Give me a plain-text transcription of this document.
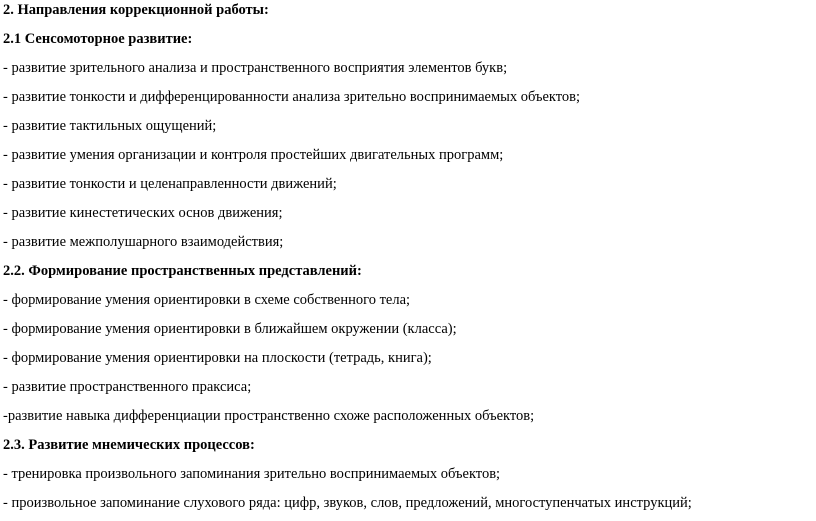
2. Направления коррекционной работы:
2.1 Сенсомоторное развитие:
- развитие зрительного анализа и пространственного восприятия элементов букв;
- развитие тонкости и дифференцированности анализа зрительно воспринимаемых объектов;
- развитие тактильных ощущений;
- развитие умения организации и контроля простейших двигательных программ;
- развитие тонкости и целенаправленности движений;
- развитие кинестетических основ движения;
- развитие межполушарного взаимодействия;
2.2. Формирование пространственных представлений:
- формирование умения ориентировки в схеме собственного тела;
- формирование умения ориентировки в ближайшем окружении (класса);
- формирование умения ориентировки на плоскости (тетрадь, книга);
- развитие пространственного праксиса;
-развитие навыка дифференциации пространственно схоже расположенных объектов;
2.3. Развитие мнемических процессов:
- тренировка произвольного запоминания зрительно воспринимаемых объектов;
- произвольное запоминание слухового ряда: цифр, звуков, слов, предложений, многоступенчатых инструкций;
